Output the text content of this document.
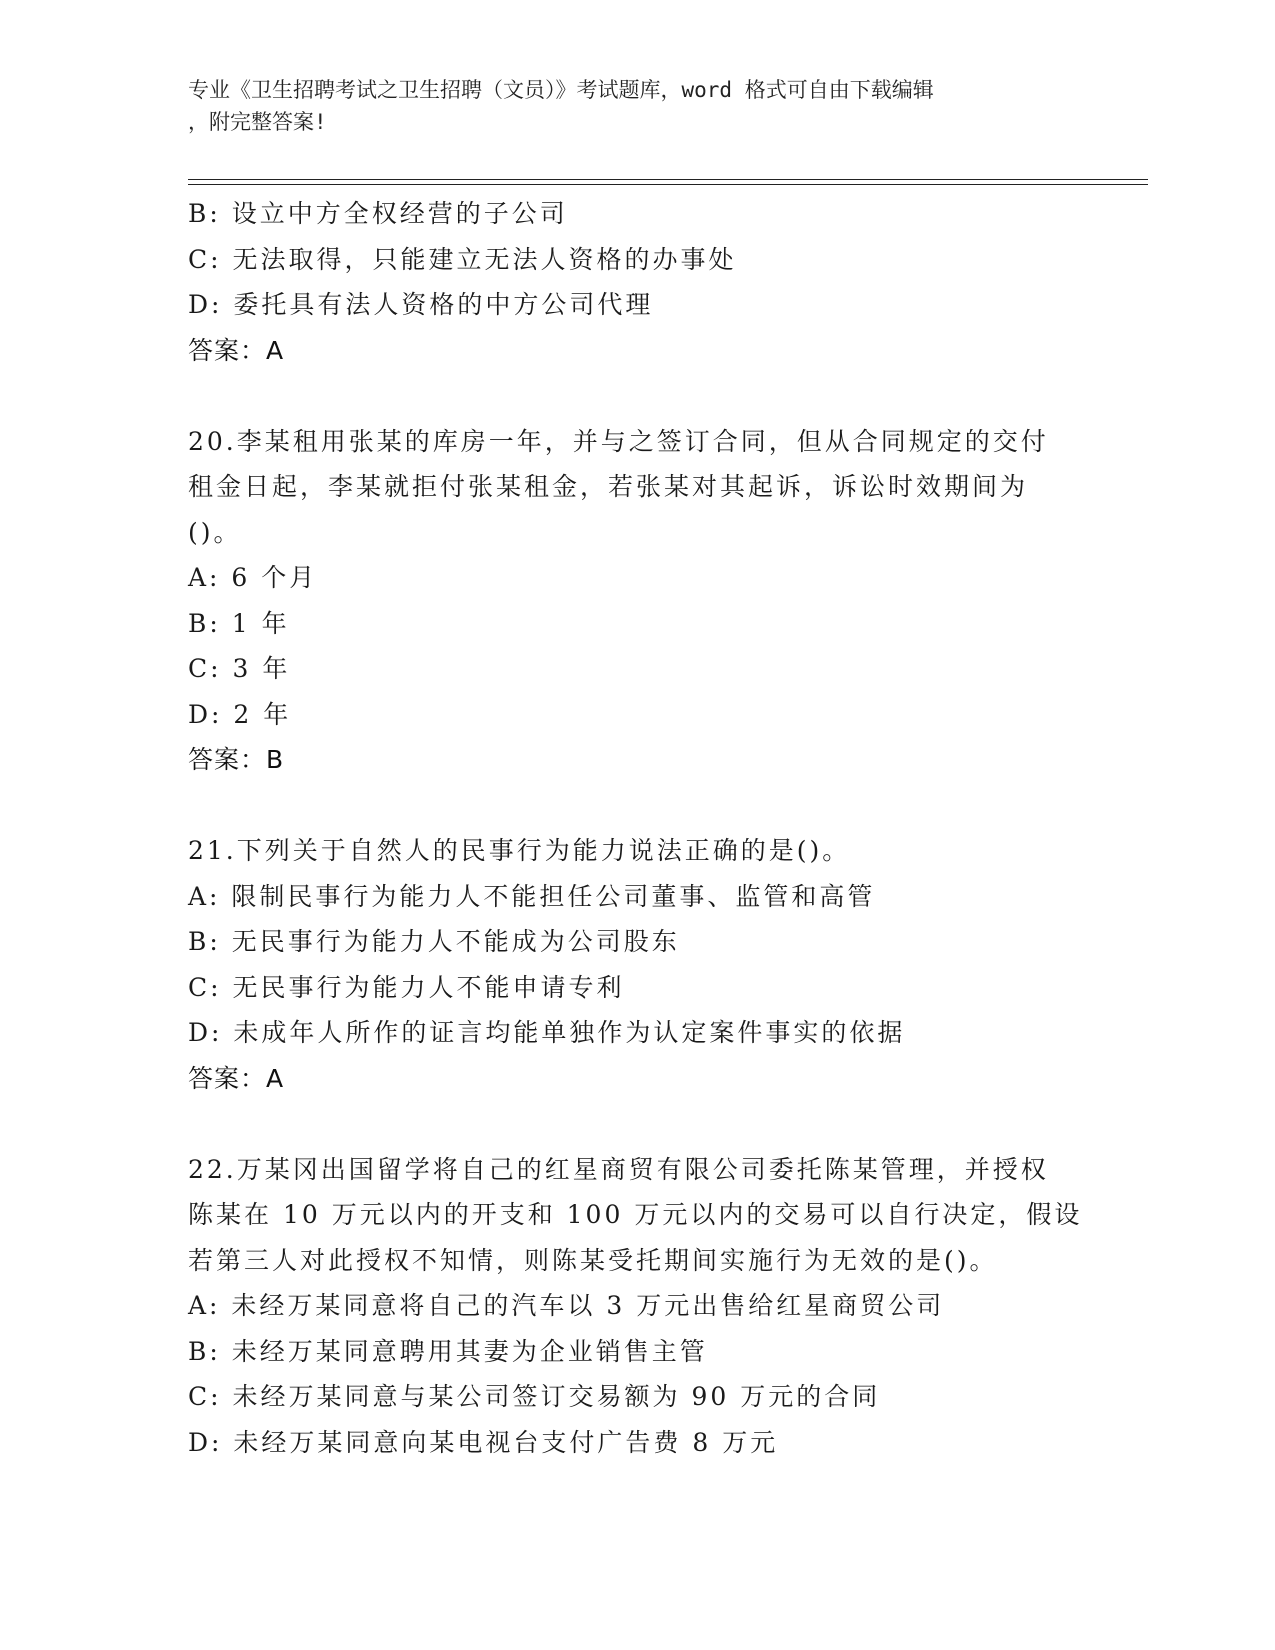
专业《卫生招聘考试之卫生招聘（文员）》考试题库，word 格式可自由下载编辑
，附完整答案!
B: 设立中方全权经营的子公司
C: 无法取得，只能建立无法人资格的办事处
D: 委托具有法人资格的中方公司代理
答案：A
20.李某租用张某的库房一年，并与之签订合同，但从合同规定的交付
租金日起，李某就拒付张某租金，若张某对其起诉，诉讼时效期间为
()。
A: 6 个月
B: 1 年
C: 3 年
D: 2 年
答案：B
21.下列关于自然人的民事行为能力说法正确的是()。
A: 限制民事行为能力人不能担任公司董事、监管和高管
B: 无民事行为能力人不能成为公司股东
C: 无民事行为能力人不能申请专利
D: 未成年人所作的证言均能单独作为认定案件事实的依据
答案：A
22.万某冈出国留学将自己的红星商贸有限公司委托陈某管理，并授权
陈某在 10 万元以内的开支和 100 万元以内的交易可以自行决定，假设
若第三人对此授权不知情，则陈某受托期间实施行为无效的是()。
A: 未经万某同意将自己的汽车以 3 万元出售给红星商贸公司
B: 未经万某同意聘用其妻为企业销售主管
C: 未经万某同意与某公司签订交易额为 90 万元的合同
D: 未经万某同意向某电视台支付广告费 8 万元
